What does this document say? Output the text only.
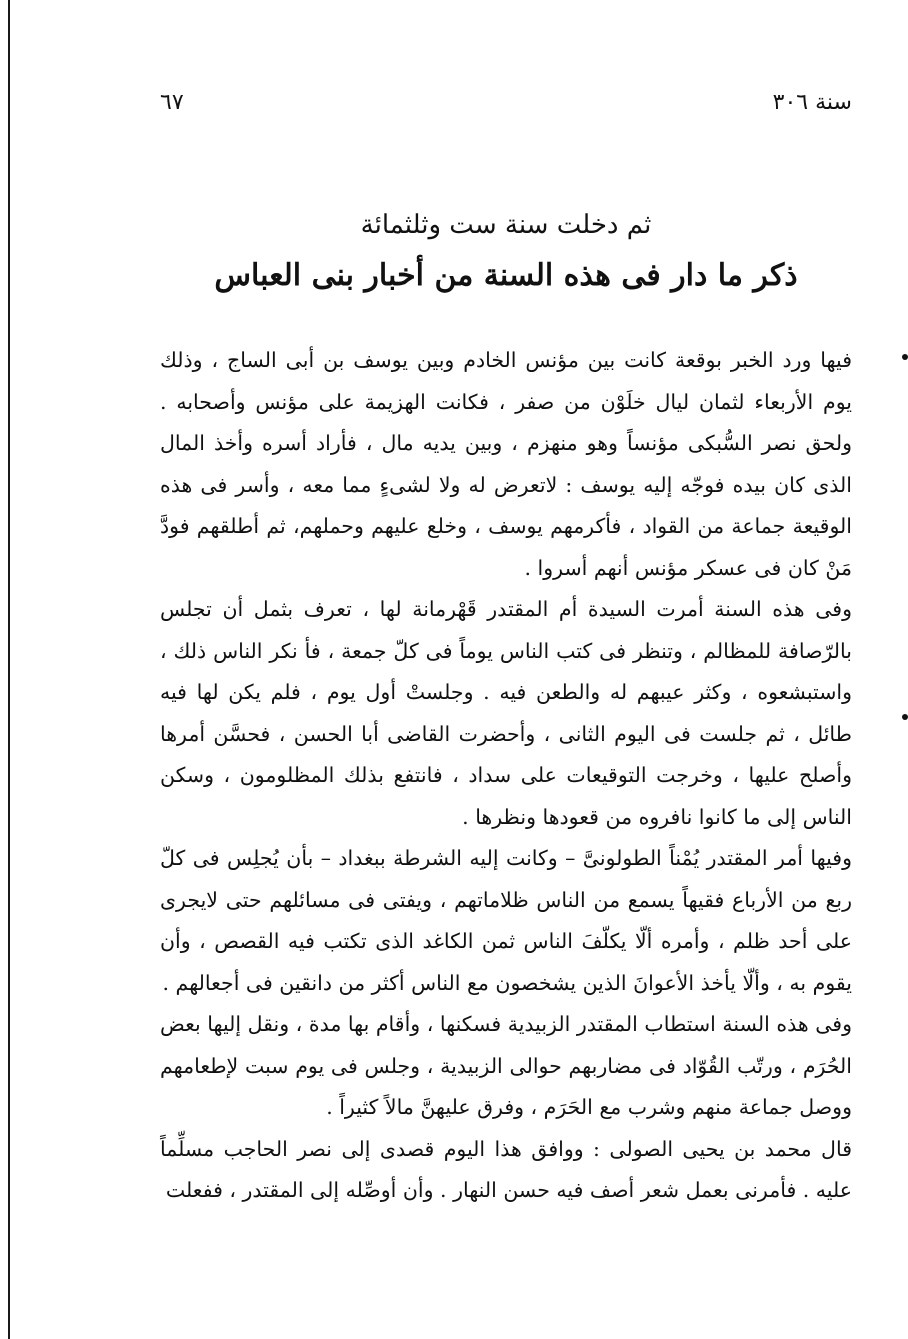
سنة ٣٠٦
٦٧
ثم دخلت سنة ست وثلثمائة
ذكر ما دار فى هذه السنة من أخبار بنى العباس

فيها ورد الخبر بوقعة كانت بين مؤنس الخادم وبين يوسف بن أبى الساج ، وذلك يوم الأربعاء لثمان ليال خلَوْن من صفر ، فكانت الهزيمة على مؤنس وأصحابه . ولحق نصر السُّبكى مؤنساً وهو منهزم ، وبين يديه مال ، فأراد أسره وأخذ المال الذى كان بيده فوجّه إليه يوسف : لاتعرض له ولا لشىءٍ مما معه ، وأسر فى هذه الوقيعة جماعة من القواد ، فأكرمهم يوسف ، وخلع عليهم وحملهم، ثم أطلقهم فودَّ مَنْ كان فى عسكر مؤنس أنهم أسروا .

وفى هذه السنة أمرت السيدة أم المقتدر قَهْرمانة لها ، تعرف بثمل أن تجلس بالرّصافة للمظالم ، وتنظر فى كتب الناس يوماً فى كلّ جمعة ، فأ نكر الناس ذلك ، واستبشعوه ، وكثر عيبهم له والطعن فيه . وجلستْ أول يوم ، فلم يكن لها فيه طائل ، ثم جلست فى اليوم الثانى ، وأحضرت القاضى أبا الحسن ، فحسَّن أمرها وأصلح عليها ، وخرجت التوقيعات على سداد ، فانتفع بذلك المظلومون ، وسكن الناس إلى ما كانوا نافروه من قعودها ونظرها .

وفيها أمر المقتدر يُمْناً الطولونىَّ – وكانت إليه الشرطة ببغداد – بأن يُجلِس فى كلّ ربع من الأرباع فقيهاً يسمع من الناس ظلاماتهم ، ويفتى فى مسائلهم حتى لايجرى على أحد ظلم ، وأمره ألّا يكلّفَ الناس ثمن الكاغد الذى تكتب فيه القصص ، وأن يقوم به ، وألّا يأخذ الأعوانَ الذين يشخصون مع الناس أكثر من دانقين فى أجعالهم .

وفى هذه السنة استطاب المقتدر الزبيدية فسكنها ، وأقام بها مدة ، ونقل إليها بعض الحُرَم ، ورتّب القُوّاد فى مضاربهم حوالى الزبيدية ، وجلس فى يوم سبت لإطعامهم ووصل جماعة منهم وشرب مع الحَرَم ، وفرق عليهنَّ مالاً كثيراً .

قال محمد بن يحيى الصولى : ووافق هذا اليوم قصدى إلى نصر الحاجب مسلِّماً عليه . فأمرنى بعمل شعر أصف فيه حسن النهار . وأن أوصِّله إلى المقتدر ، ففعلت
